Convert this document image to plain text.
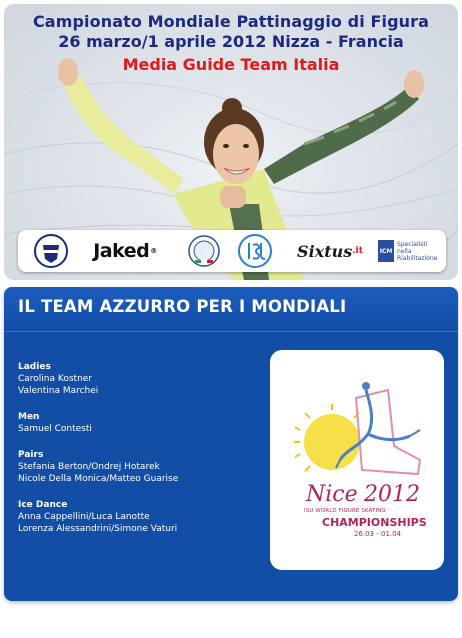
Campionato Mondiale Pattinaggio di Figura
26 marzo/1 aprile 2012 Nizza - Francia
Media Guide Team Italia
Jaked ®	Sixtus .it	ICM
Specialisti
nella
Riabilitazione
IL TEAM AZZURRO PER I MONDIALI
Ladies
Carolina Kostner
Valentina Marchei
Men
Samuel Contesti
Pairs
Stefania Berton/Ondrej Hotarek
Nicole Della Monica/Matteo Guarise
Ice Dance
Anna Cappellini/Luca Lanotte
Lorenza Alessandrini/Simone Vaturi
Nice 2012
ISU WORLD FIGURE SKATING
CHAMPIONSHIPS
26.03 - 01.04
